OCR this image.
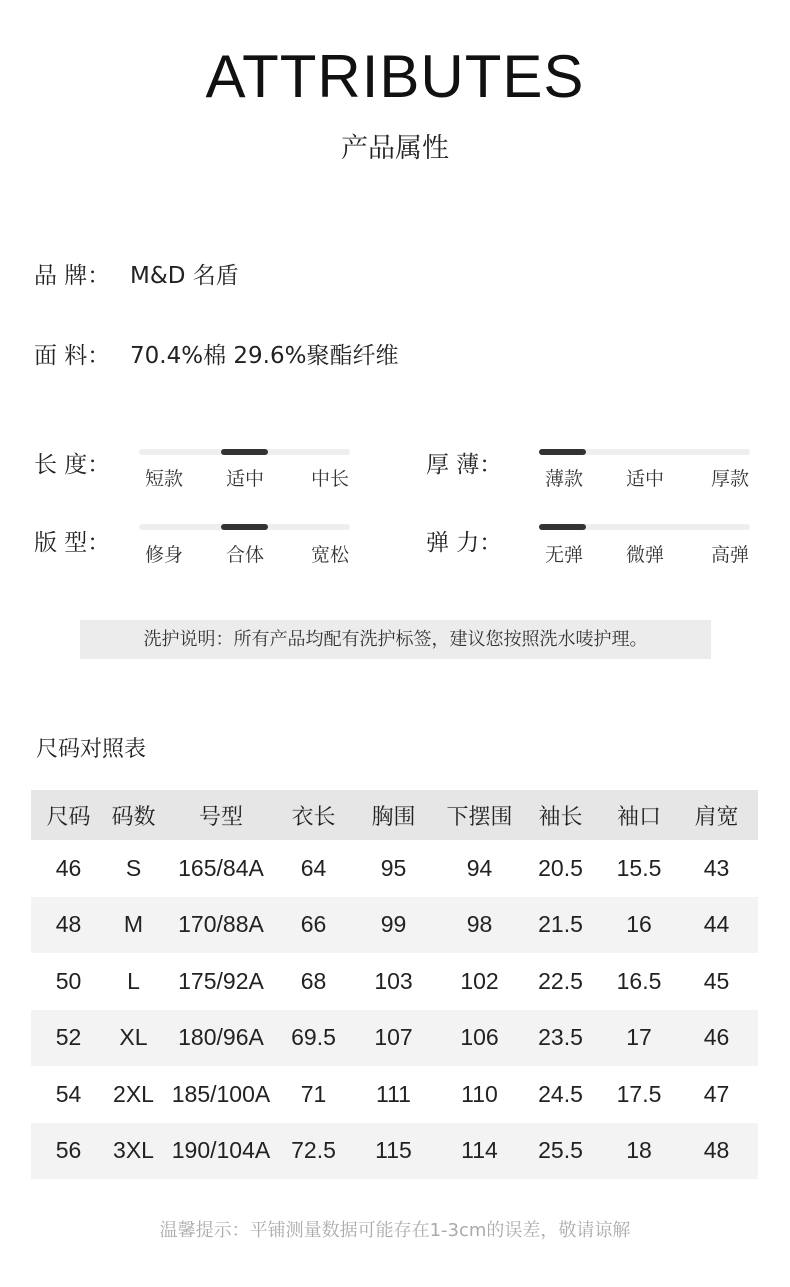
ATTRIBUTES
产品属性
品 牌： M&D 名盾
面 料： 70.4%棉 29.6%聚酯纤维
长 度：
短款	适中	中长
厚 薄：
薄款	适中	厚款
版 型：	修身	合体	宽松	弹 力：	无弹	微弹	高弹
洗护说明：所有产品均配有洗护标签，建议您按照洗水唛护理。
尺码对照表
尺码	码数	号型	衣长	胸围	下摆围	袖长	袖口	肩宽
46	S	165/84A	64	95	94	20.5	15.5	43
48	M	170/88A	66	99	98	21.5	16	44
50	L	175/92A	68	103	102	22.5	16.5	45
52	XL	180/96A	69.5	107	106	23.5	17	46
54	2XL	185/100A	71	111	110	24.5	17.5	47
56	3XL	190/104A	72.5	115	114	25.5	18	48
温馨提示：平铺测量数据可能存在1-3cm的误差，敬请谅解
